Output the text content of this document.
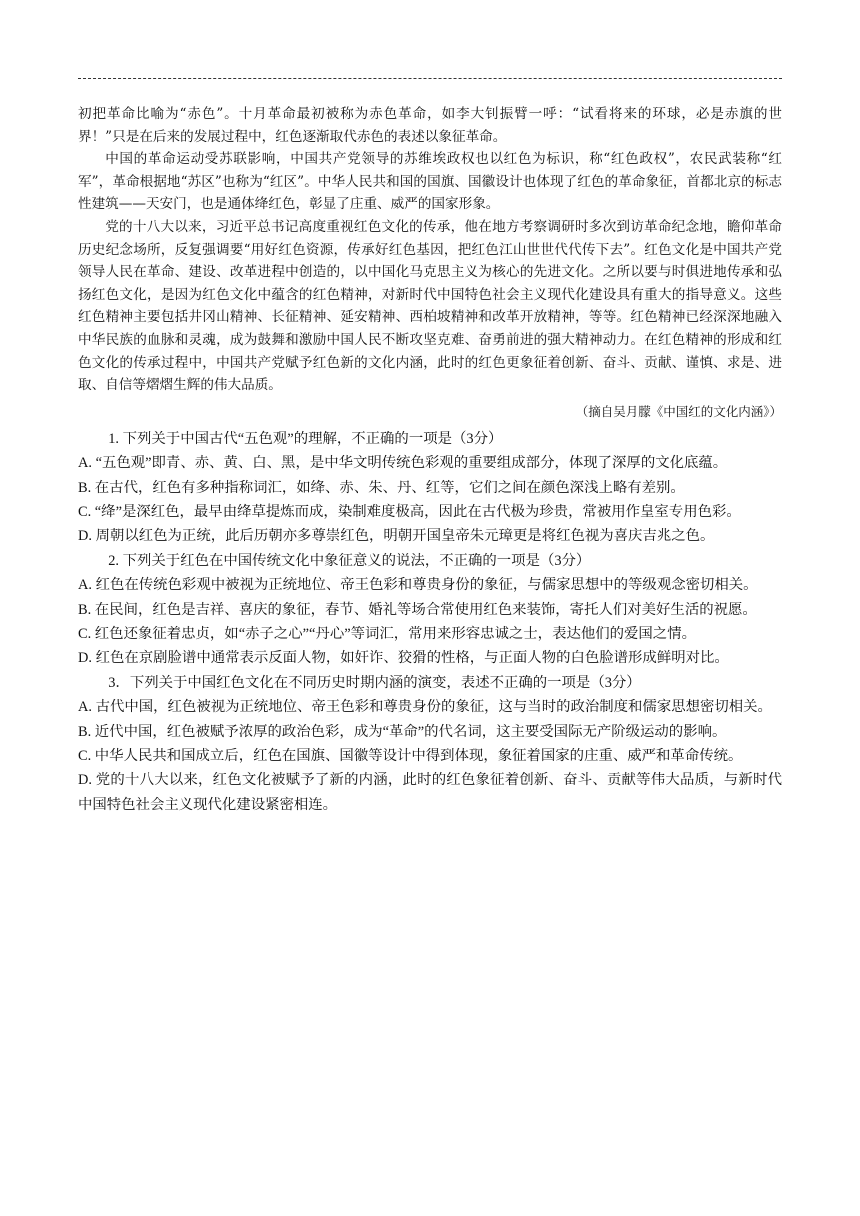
初把革命比喻为“赤色”。十月革命最初被称为赤色革命，如李大钊振臂一呼：“试看将来的环球，必是赤旗的世界！”只是在后来的发展过程中，红色逐渐取代赤色的表述以象征革命。

中国的革命运动受苏联影响，中国共产党领导的苏维埃政权也以红色为标识，称“红色政权”，农民武装称“红军”，革命根据地“苏区”也称为“红区”。中华人民共和国的国旗、国徽设计也体现了红色的革命象征，首都北京的标志性建筑——天安门，也是通体绛红色，彰显了庄重、威严的国家形象。

党的十八大以来，习近平总书记高度重视红色文化的传承，他在地方考察调研时多次到访革命纪念地，瞻仰革命历史纪念场所，反复强调要“用好红色资源，传承好红色基因，把红色江山世世代代传下去”。红色文化是中国共产党领导人民在革命、建设、改革进程中创造的，以中国化马克思主义为核心的先进文化。之所以要与时俱进地传承和弘扬红色文化，是因为红色文化中蕴含的红色精神，对新时代中国特色社会主义现代化建设具有重大的指导意义。这些红色精神主要包括井冈山精神、长征精神、延安精神、西柏坡精神和改革开放精神，等等。红色精神已经深深地融入中华民族的血脉和灵魂，成为鼓舞和激励中国人民不断攻坚克难、奋勇前进的强大精神动力。在红色精神的形成和红色文化的传承过程中，中国共产党赋予红色新的文化内涵，此时的红色更象征着创新、奋斗、贡献、谨慎、求是、进取、自信等熠熠生辉的伟大品质。

（摘自吴月朦《中国红的文化内涵》）

1. 下列关于中国古代“五色观”的理解，不正确的一项是（3分）

A. “五色观”即青、赤、黄、白、黑，是中华文明传统色彩观的重要组成部分，体现了深厚的文化底蕴。

B. 在古代，红色有多种指称词汇，如绛、赤、朱、丹、红等，它们之间在颜色深浅上略有差别。

C. “绛”是深红色，最早由绛草提炼而成，染制难度极高，因此在古代极为珍贵，常被用作皇室专用色彩。

D. 周朝以红色为正统，此后历朝亦多尊崇红色，明朝开国皇帝朱元璋更是将红色视为喜庆吉兆之色。

2. 下列关于红色在中国传统文化中象征意义的说法，不正确的一项是（3分）

A. 红色在传统色彩观中被视为正统地位、帝王色彩和尊贵身份的象征，与儒家思想中的等级观念密切相关。

B. 在民间，红色是吉祥、喜庆的象征，春节、婚礼等场合常使用红色来装饰，寄托人们对美好生活的祝愿。

C. 红色还象征着忠贞，如“赤子之心”“丹心”等词汇，常用来形容忠诚之士，表达他们的爱国之情。

D. 红色在京剧脸谱中通常表示反面人物，如奸诈、狡猾的性格，与正面人物的白色脸谱形成鲜明对比。

3．下列关于中国红色文化在不同历史时期内涵的演变，表述不正确的一项是（3分）

A. 古代中国，红色被视为正统地位、帝王色彩和尊贵身份的象征，这与当时的政治制度和儒家思想密切相关。

B. 近代中国，红色被赋予浓厚的政治色彩，成为“革命”的代名词，这主要受国际无产阶级运动的影响。

C. 中华人民共和国成立后，红色在国旗、国徽等设计中得到体现，象征着国家的庄重、威严和革命传统。

D. 党的十八大以来，红色文化被赋予了新的内涵，此时的红色象征着创新、奋斗、贡献等伟大品质，与新时代中国特色社会主义现代化建设紧密相连。
